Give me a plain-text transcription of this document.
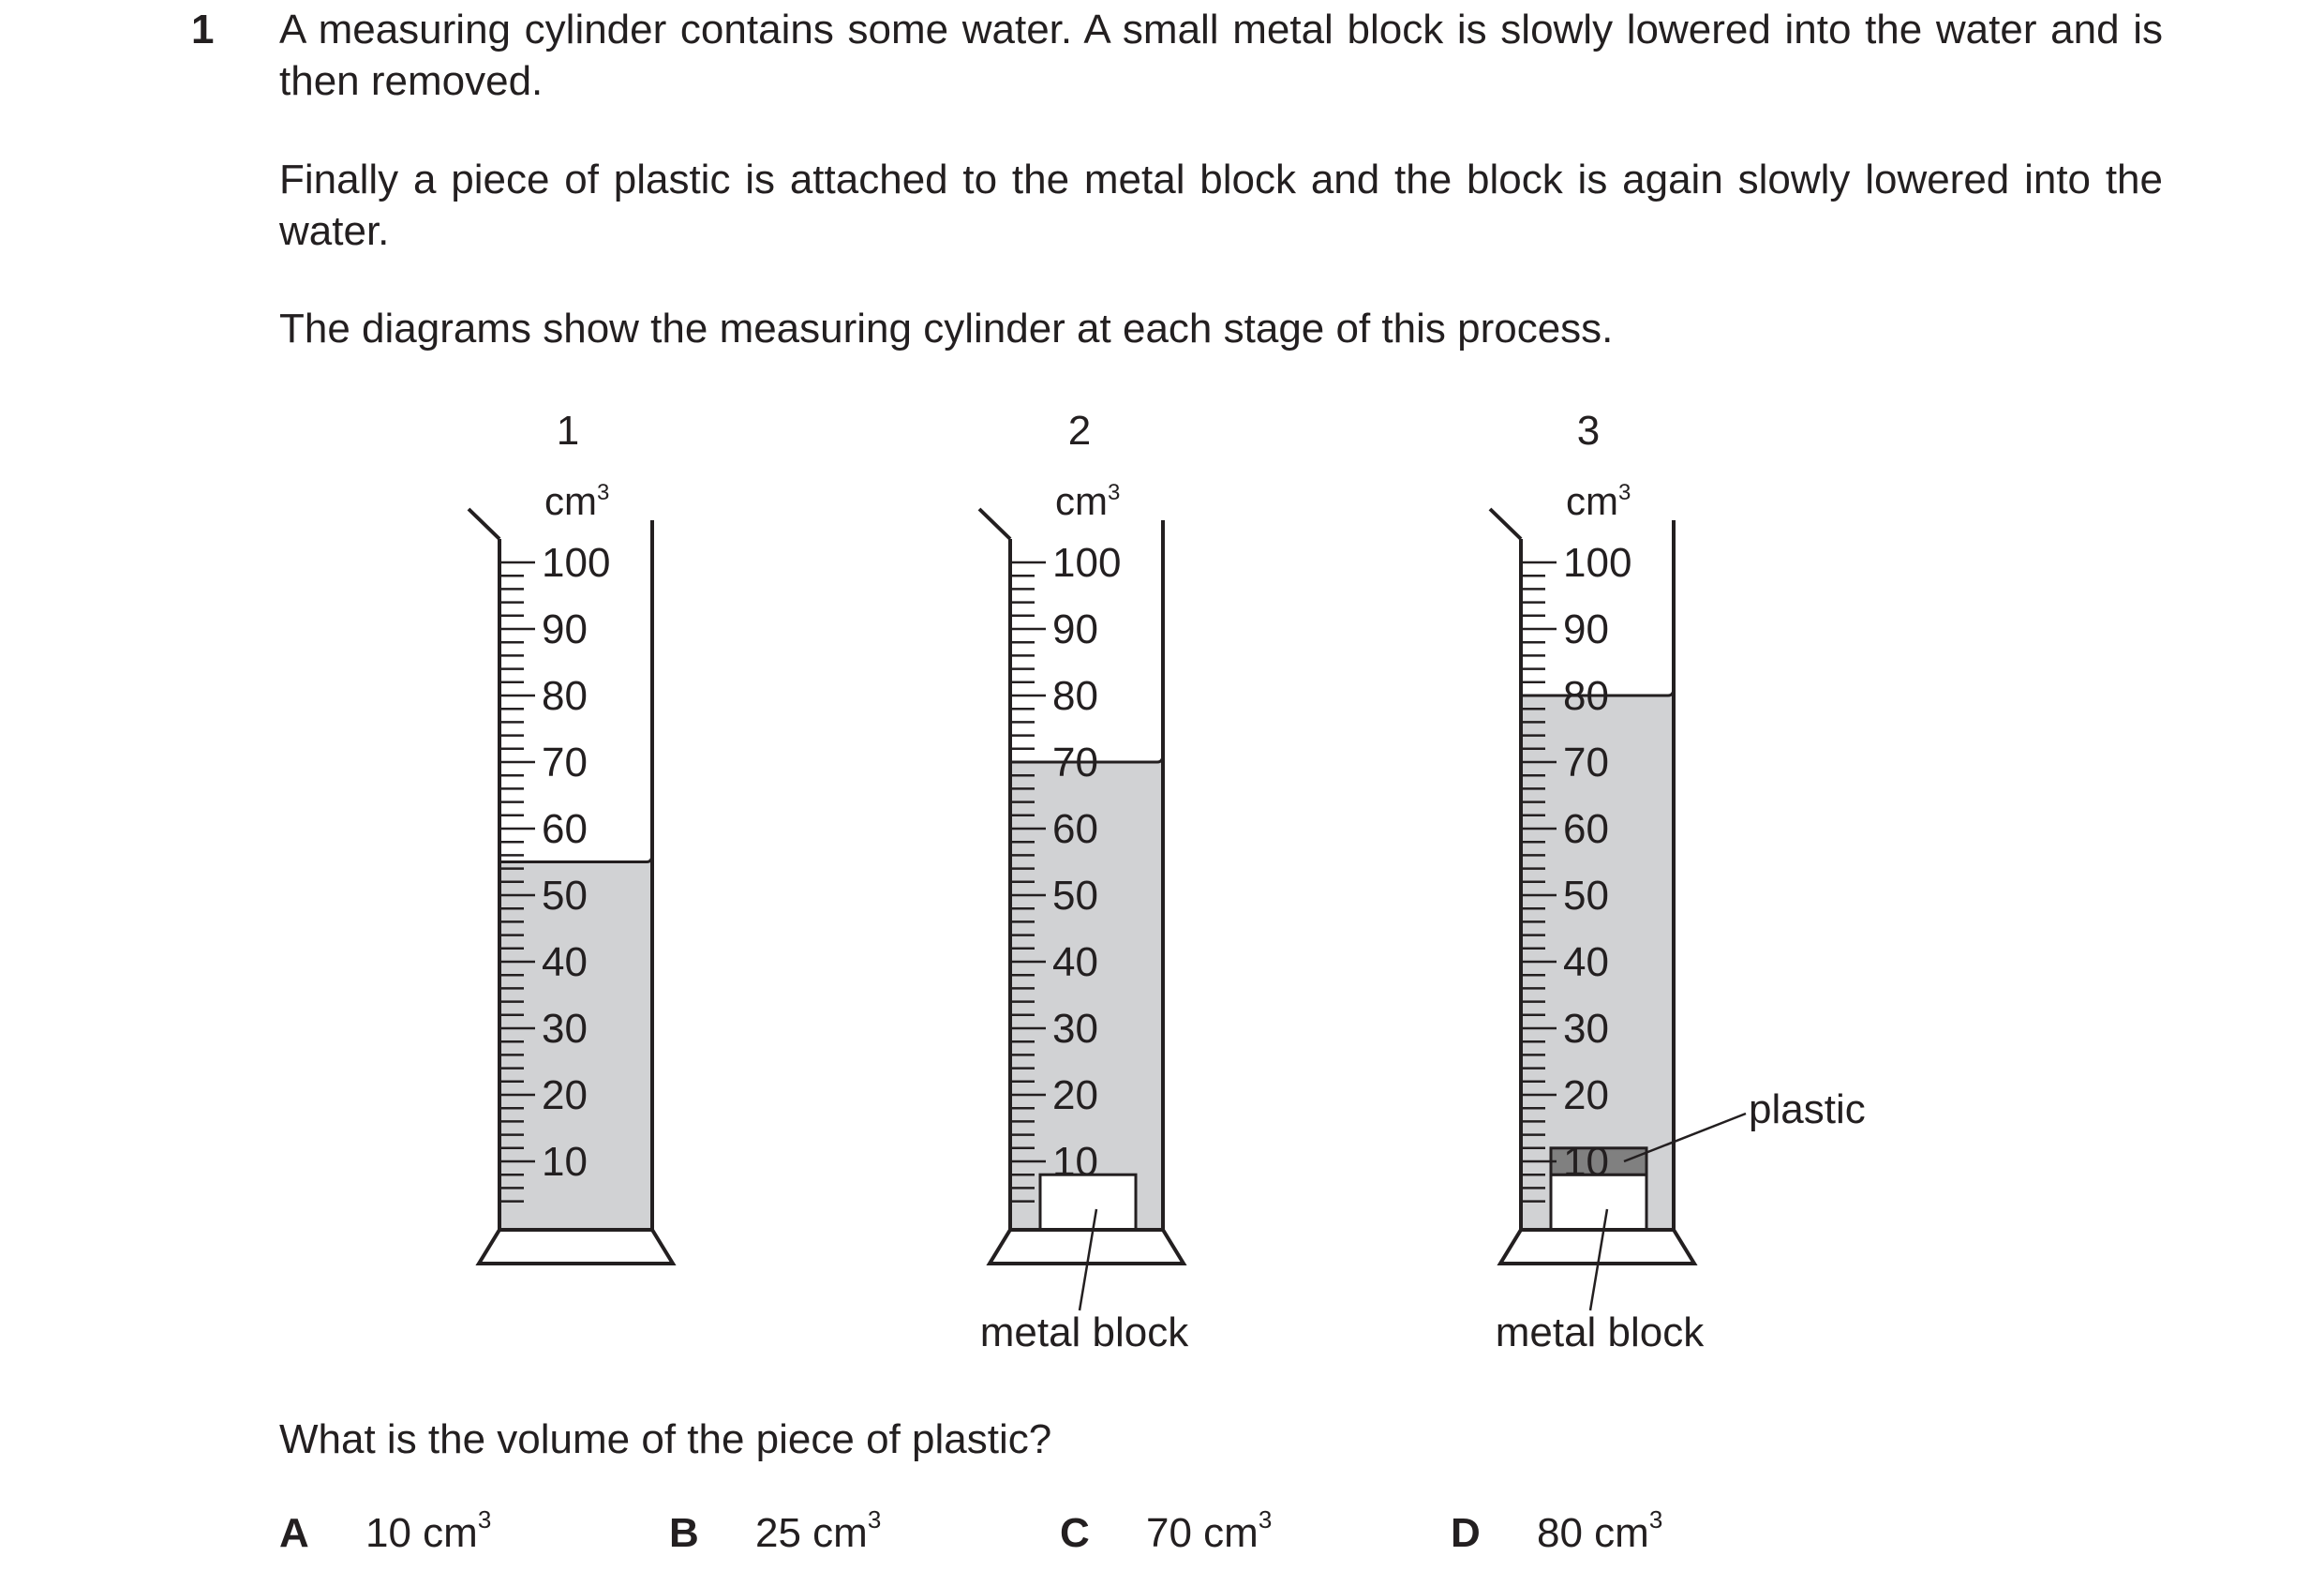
1 A measuring cylinder contains some water. A small metal block is slowly lowered into the water and is then removed.
Finally a piece of plastic is attached to the metal block and the block is again slowly lowered into the water.
The diagrams show the measuring cylinder at each stage of this process.
1
100
90
80
70
60
50
40
30
20
10
$cm^3$
2
100
90
80
70
60
50
40
30
20
10
$cm^3$
3
100
90
80
70
60
50
40
30
20
10
$cm^3$
metal block	metal block
plastic
What is the volume of the piece of plastic?
A 10 $cm^3$	B 25 $cm^3$	C 70 $cm^3$	D 80 $cm^3$
